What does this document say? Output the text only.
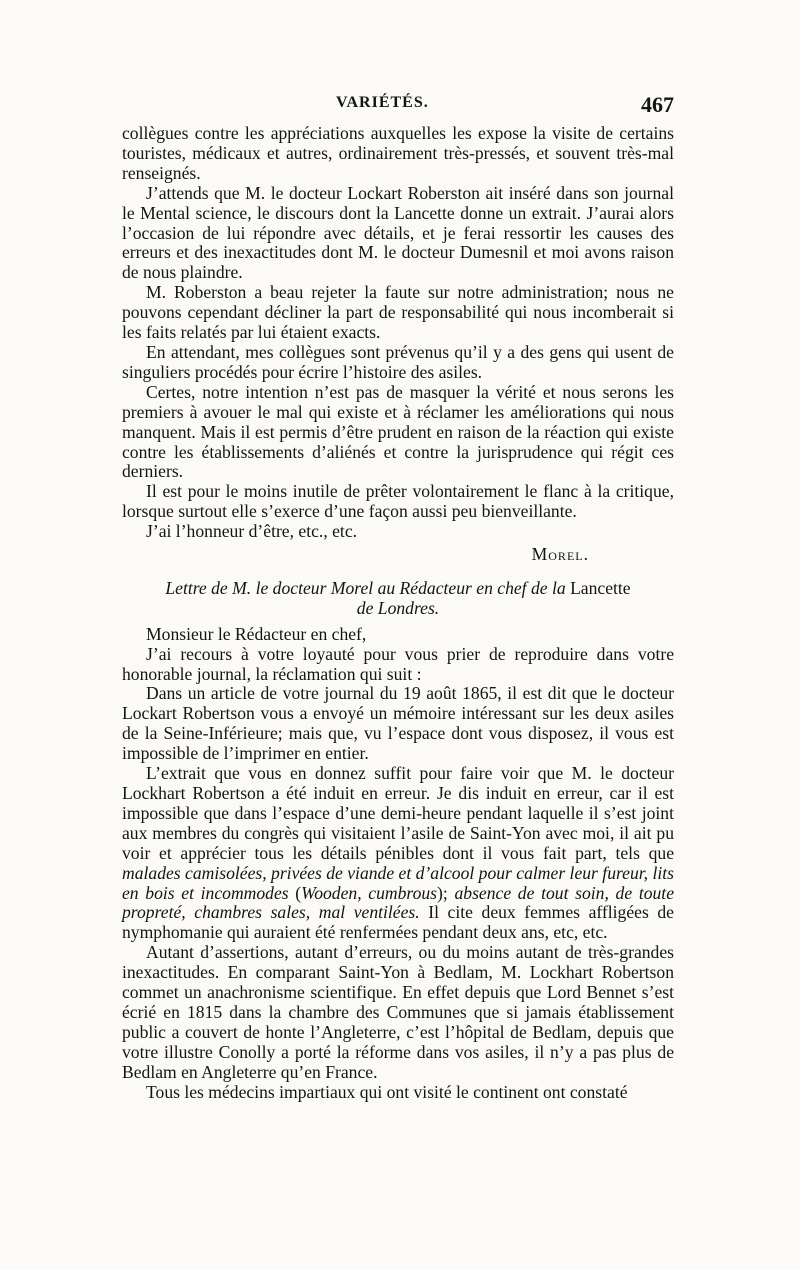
VARIÉTÉS.	467

collègues contre les appréciations auxquelles les expose la visite de certains touristes, médicaux et autres, ordinairement très-pressés, et souvent très-mal renseignés.

J’attends que M. le docteur Lockart Roberston ait inséré dans son journal le Mental science, le discours dont la Lancette donne un extrait. J’aurai alors l’occasion de lui répondre avec détails, et je ferai ressortir les causes des erreurs et des inexactitudes dont M. le docteur Dumesnil et moi avons raison de nous plaindre.

M. Roberston a beau rejeter la faute sur notre administration; nous ne pouvons cependant décliner la part de responsabilité qui nous incomberait si les faits relatés par lui étaient exacts.

En attendant, mes collègues sont prévenus qu’il y a des gens qui usent de singuliers procédés pour écrire l’histoire des asiles.

Certes, notre intention n’est pas de masquer la vérité et nous serons les premiers à avouer le mal qui existe et à réclamer les améliorations qui nous manquent. Mais il est permis d’être prudent en raison de la réaction qui existe contre les établissements d’aliénés et contre la jurisprudence qui régit ces derniers.

Il est pour le moins inutile de prêter volontairement le flanc à la critique, lorsque surtout elle s’exerce d’une façon aussi peu bienveillante.

J’ai l’honneur d’être, etc., etc.

Morel.

Lettre de M. le docteur Morel au Rédacteur en chef de la Lancette
de Londres.

Monsieur le Rédacteur en chef,

J’ai recours à votre loyauté pour vous prier de reproduire dans votre honorable journal, la réclamation qui suit :

Dans un article de votre journal du 19 août 1865, il est dit que le docteur Lockart Robertson vous a envoyé un mémoire intéressant sur les deux asiles de la Seine-Inférieure; mais que, vu l’espace dont vous disposez, il vous est impossible de l’imprimer en entier.

L’extrait que vous en donnez suffit pour faire voir que M. le docteur Lockhart Robertson a été induit en erreur. Je dis induit en erreur, car il est impossible que dans l’espace d’une demi-heure pendant laquelle il s’est joint aux membres du congrès qui visitaient l’asile de Saint-Yon avec moi, il ait pu voir et apprécier tous les détails pénibles dont il vous fait part, tels que malades camisolées, privées de viande et d’alcool pour calmer leur fureur, lits en bois et incommodes (Wooden, cumbrous); absence de tout soin, de toute propreté, chambres sales, mal ventilées. Il cite deux femmes affligées de nymphomanie qui auraient été renfermées pendant deux ans, etc, etc.

Autant d’assertions, autant d’erreurs, ou du moins autant de très-grandes inexactitudes. En comparant Saint-Yon à Bedlam, M. Lockhart Robertson commet un anachronisme scientifique. En effet depuis que Lord Bennet s’est écrié en 1815 dans la chambre des Communes que si jamais établissement public a couvert de honte l’Angleterre, c’est l’hôpital de Bedlam, depuis que votre illustre Conolly a porté la réforme dans vos asiles, il n’y a pas plus de Bedlam en Angleterre qu’en France.

Tous les médecins impartiaux qui ont visité le continent ont constaté
